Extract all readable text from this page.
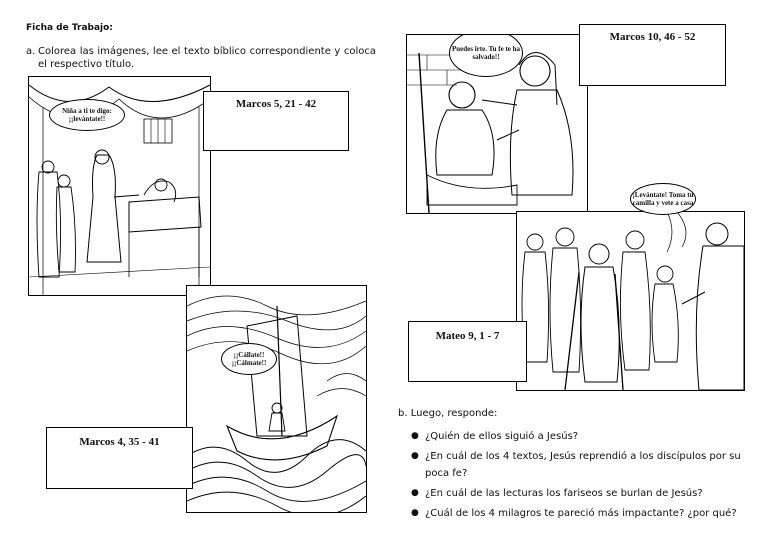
Ficha de Trabajo:
a. Colorea las imágenes, lee el texto bíblico correspondiente y coloca el respectivo título.
Niña a ti te digo: ¡¡levántate!!
Marcos 5, 21 - 42
¡¡Cállate!! ¡¡Cálmate!!
Marcos 4, 35 - 41
Puedes irte. Tu fe te ha salvado!!
Marcos 10, 46 - 52
¡Levántate! Toma tu camilla y vete a casa
Mateo 9, 1 - 7
b. Luego, responde:
● ¿Quién de ellos siguió a Jesús?
● ¿En cuál de los 4 textos, Jesús reprendió a los discípulos por su poca fe?
● ¿En cuál de las lecturas los fariseos se burlan de Jesús?
● ¿Cuál de los 4 milagros te pareció más impactante? ¿por qué?
